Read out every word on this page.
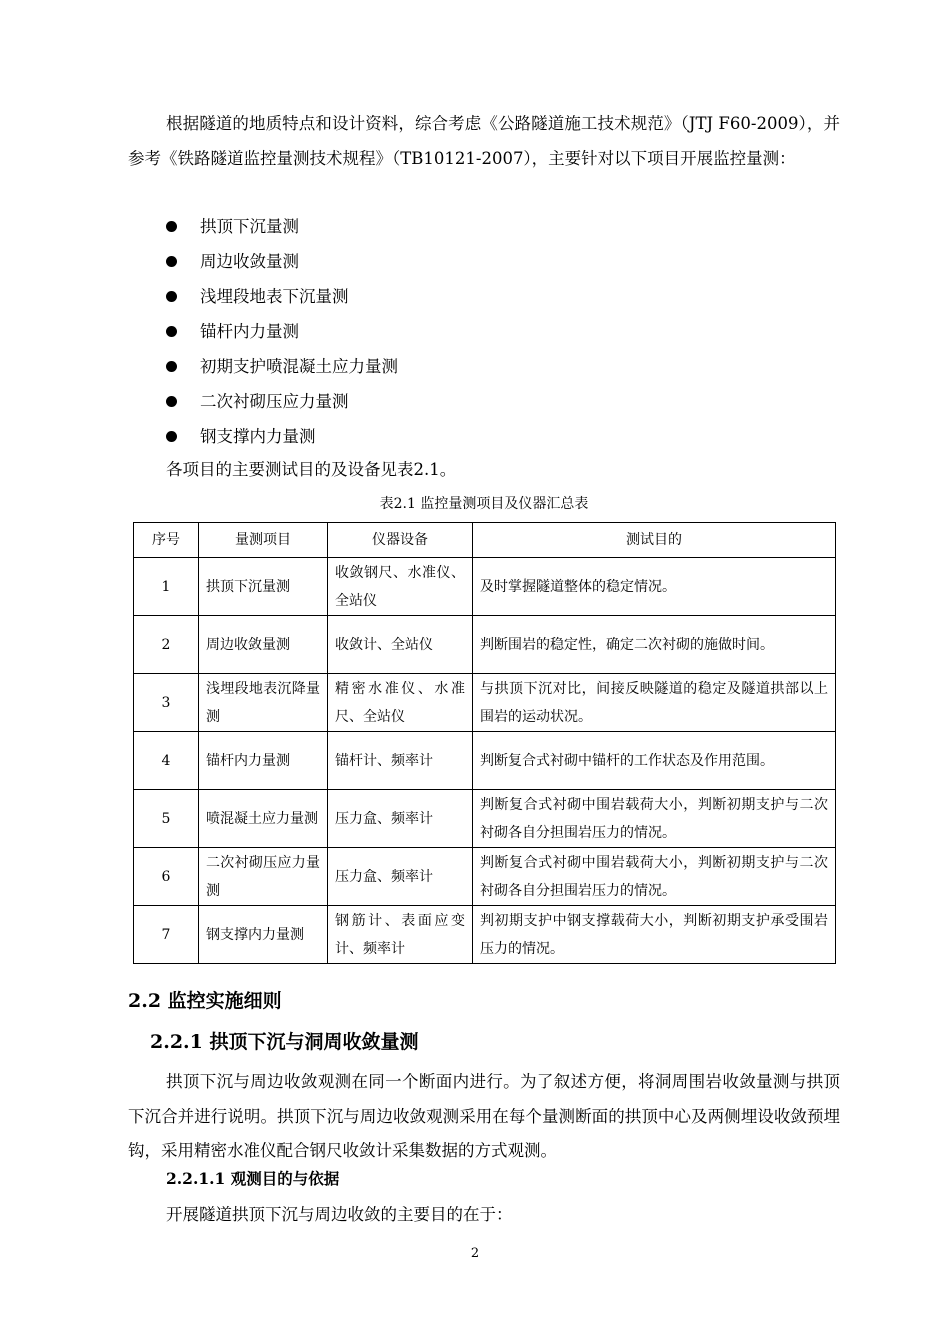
根据隧道的地质特点和设计资料，综合考虑《公路隧道施工技术规范》（JTJ F60-2009），并参考《铁路隧道监控量测技术规程》（TB10121-2007），主要针对以下项目开展监控量测：

拱顶下沉量测
周边收敛量测
浅埋段地表下沉量测
锚杆内力量测
初期支护喷混凝土应力量测
二次衬砌压应力量测
钢支撑内力量测

各项目的主要测试目的及设备见表2.1。

表2.1 监控量测项目及仪器汇总表
序号	量测项目	仪器设备	测试目的
1	拱顶下沉量测	收敛钢尺、水准仪、全站仪	及时掌握隧道整体的稳定情况。
2	周边收敛量测	收敛计、全站仪	判断围岩的稳定性，确定二次衬砌的施做时间。
3	浅埋段地表沉降量测	精密水准仪、水准尺、全站仪	与拱顶下沉对比，间接反映隧道的稳定及隧道拱部以上围岩的运动状况。
4	锚杆内力量测	锚杆计、频率计	判断复合式衬砌中锚杆的工作状态及作用范围。
5	喷混凝土应力量测	压力盒、频率计	判断复合式衬砌中围岩载荷大小，判断初期支护与二次衬砌各自分担围岩压力的情况。
6	二次衬砌压应力量测	压力盒、频率计	判断复合式衬砌中围岩载荷大小，判断初期支护与二次衬砌各自分担围岩压力的情况。
7	钢支撑内力量测	钢筋计、表面应变计、频率计	判初期支护中钢支撑载荷大小，判断初期支护承受围岩压力的情况。
2.2 监控实施细则
2.2.1 拱顶下沉与洞周收敛量测

拱顶下沉与周边收敛观测在同一个断面内进行。为了叙述方便，将洞周围岩收敛量测与拱顶下沉合并进行说明。拱顶下沉与周边收敛观测采用在每个量测断面的拱顶中心及两侧埋设收敛预埋钩，采用精密水准仪配合钢尺收敛计采集数据的方式观测。

2.2.1.1 观测目的与依据

开展隧道拱顶下沉与周边收敛的主要目的在于：

2
